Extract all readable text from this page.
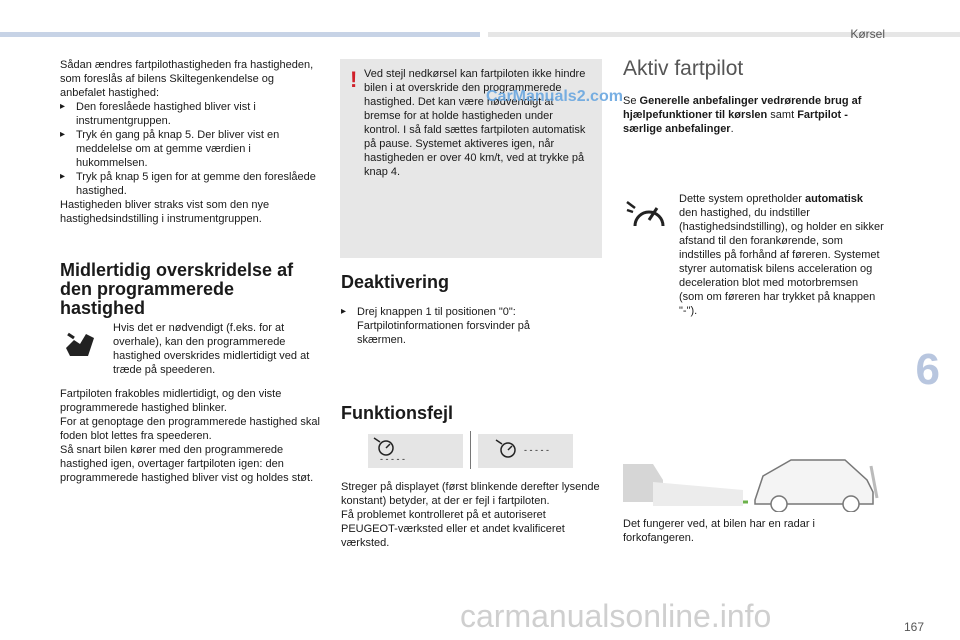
Kørsel
6

Sådan ændres fartpilothastigheden fra hastigheden, som foreslås af bilens Skiltegenkendelse og anbefalet hastighed:

▸ Den foreslåede hastighed bliver vist i instrumentgruppen.
▸ Tryk én gang på knap 5. Der bliver vist en meddelelse om at gemme værdien i hukommelsen.
▸ Tryk på knap 5 igen for at gemme den foreslåede hastighed.

Hastigheden bliver straks vist som den nye hastighedsindstilling i instrumentgruppen.

Midlertidig overskridelse af den programmerede hastighed
Hvis det er nødvendigt (f.eks. for at overhale), kan den programmerede hastighed overskrides midlertidigt ved at træde på speederen.

Fartpiloten frakobles midlertidigt, og den viste programmerede hastighed blinker.

For at genoptage den programmerede hastighed skal foden blot lettes fra speederen.

Så snart bilen kører med den programmerede hastighed igen, overtager fartpiloten igen: den programmerede hastighed bliver vist og holdes støt.

! Ved stejl nedkørsel kan fartpiloten ikke hindre bilen i at overskride den programmerede hastighed. Det kan være nødvendigt at bremse for at holde hastigheden under kontrol. I så fald sættes fartpiloten automatisk på pause. Systemet aktiveres igen, når hastigheden er over 40 km/t, ved at trykke på knap 4.
CarManuals2.com
Deaktivering
▸ Drej knappen 1 til positionen "0": Fartpilotinformationen forsvinder på skærmen.
Funktionsfejl
- - - - -
- - - - -

Streger på displayet (først blinkende derefter lysende konstant) betyder, at der er fejl i fartpiloten.

Få problemet kontrolleret på et autoriseret PEUGEOT-værksted eller et andet kvalificeret værksted.

Aktiv fartpilot
Se Generelle anbefalinger vedrørende brug af hjælpefunktioner til kørslen samt Fartpilot - særlige anbefalinger.
Dette system opretholder automatisk den hastighed, du indstiller (hastighedsindstilling), og holder en sikker afstand til den forankørende, som indstilles på forhånd af føreren. Systemet styrer automatisk bilens acceleration og deceleration blot med motorbremsen (som om føreren har trykket på knappen "-").
Det fungerer ved, at bilen har en radar i forkofangeren.
carmanualsonline.info	167
